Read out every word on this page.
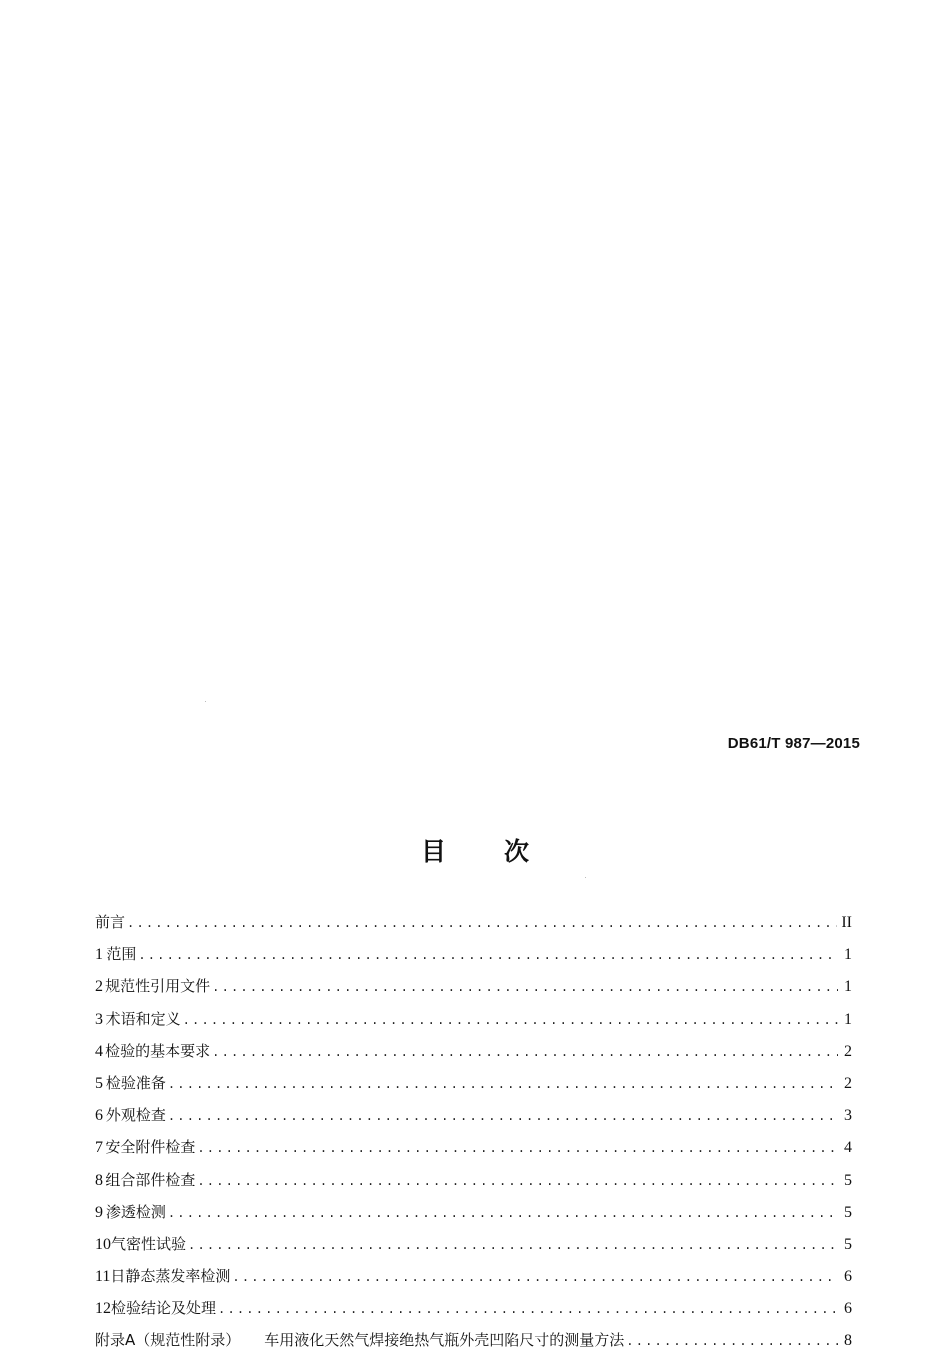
DB61/T 987—2015
目 次
前言 .....	II
1 范围 .....	1
2 规范性引用文件 .....	1
3 术语和定义 .....	1
4 检验的基本要求 .....	2
5 检验准备 .....	2
6 外观检查 .....	3
7 安全附件检查 .....	4
8 组合部件检查 .....	5
9 渗透检测 .....	5
10 气密性试验 .....	5
11 日静态蒸发率检测 .....	6
12 检验结论及处理 .....	6
附录A（规范性附录） 车用液化天然气焊接绝热气瓶外壳凹陷尺寸的测量方法 .....	8
